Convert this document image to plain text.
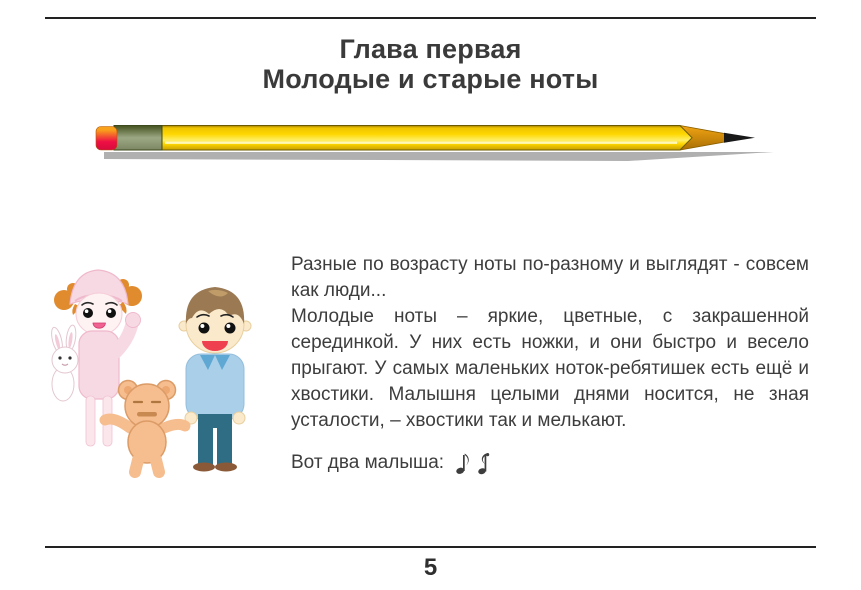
Глава первая
Молодые и старые ноты

Разные по возрасту ноты по-разному и выглядят - совсем как люди...

Молодые ноты – яркие, цветные, с закрашенной серединкой. У них есть ножки, и они быстро и весело прыгают. У самых маленьких ноток-ребятишек есть ещё и хвостики. Малышня целыми днями носится, не зная усталости, – хвостики так и мелькают.

Вот два малыша:
5
